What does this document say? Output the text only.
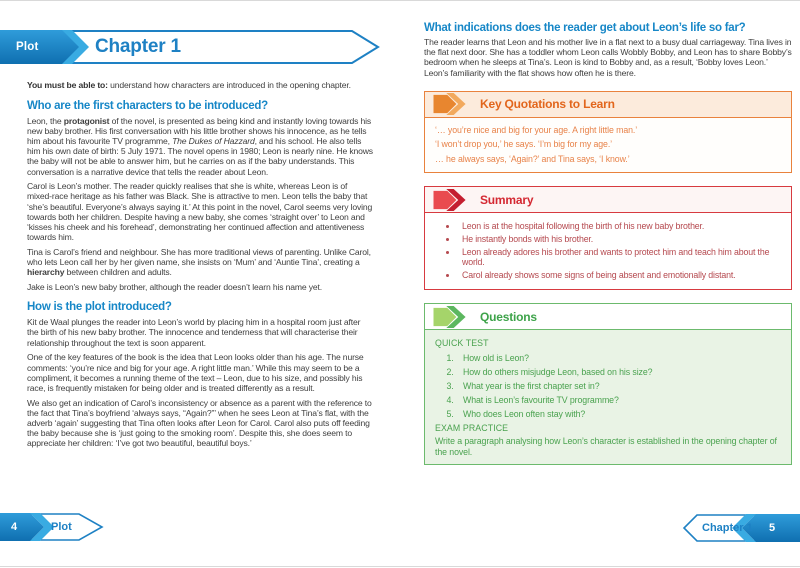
Plot	Chapter 1

You must be able to: understand how characters are introduced in the opening chapter.

Who are the first characters to be introduced?

Leon, the protagonist of the novel, is presented as being kind and instantly loving towards his new baby brother. His first conversation with his little brother shows his innocence, as he tells him about his favourite TV programme, The Dukes of Hazzard, and his school. He also tells him his own date of birth: 5 July 1971. The novel opens in 1980; Leon is nearly nine. He knows the baby will not be able to answer him, but he carries on as if the baby understands. This conversation is a narrative device that tells the reader about Leon.

Carol is Leon’s mother. The reader quickly realises that she is white, whereas Leon is of mixed-race heritage as his father was Black. She is attractive to men. Leon tells the baby that ‘she’s beautiful. Everyone’s always saying it.’ At this point in the novel, Carol seems very loving towards both her children. Despite having a new baby, she comes ‘straight over’ to Leon and ‘kisses his cheek and his forehead’, demonstrating her continued affection and attentiveness towards him.

Tina is Carol’s friend and neighbour. She has more traditional views of parenting. Unlike Carol, who lets Leon call her by her given name, she insists on ‘Mum’ and ‘Auntie Tina’, creating a hierarchy between children and adults.

Jake is Leon’s new baby brother, although the reader doesn’t learn his name yet.

How is the plot introduced?

Kit de Waal plunges the reader into Leon’s world by placing him in a hospital room just after the birth of his new baby brother. The innocence and tenderness that will characterise their relationship throughout the text is soon apparent.

One of the key features of the book is the idea that Leon looks older than his age. The nurse comments: ‘you’re nice and big for your age. A right little man.’ While this may seem to be a compliment, it becomes a running theme of the text – Leon, due to his size, and possibly his race, is frequently mistaken for being older and is treated differently as a result.

We also get an indication of Carol’s inconsistency or absence as a parent with the reference to the fact that Tina’s boyfriend ‘always says, “Again?”’ when he sees Leon at Tina’s flat, with the adverb ‘again’ suggesting that Tina often looks after Leon for Carol. Carol also puts off feeding the baby because she is ‘just going to the smoking room’. Despite this, she does seem to appreciate her children: ‘I’ve got two beautiful, beautiful boys.’

What indications does the reader get about Leon’s life so far?

The reader learns that Leon and his mother live in a flat next to a busy dual carriageway. Tina lives in the flat next door. She has a toddler whom Leon calls Wobbly Bobby, and Leon has to share Bobby’s bedroom when he sleeps at Tina’s. Leon is kind to Bobby and, as a result, ‘Bobby loves Leon.’ Leon’s familiarity with the flat shows how often he is there.

Key Quotations to Learn
‘… you’re nice and big for your age. A right little man.’
‘I won’t drop you,’ he says. ‘I’m big for my age.’
… he always says, ‘Again?’ and Tina says, ‘I know.’
Summary
• Leon is at the hospital following the birth of his new baby brother.
• He instantly bonds with his brother.
• Leon already adores his brother and wants to protect him and teach him about the world.
• Carol already shows some signs of being absent and emotionally distant.
Questions
QUICK TEST
1. How old is Leon?
2. How do others misjudge Leon, based on his size?
3. What year is the first chapter set in?
4. What is Leon’s favourite TV programme?
5. Who does Leon often stay with?
EXAM PRACTICE

Write a paragraph analysing how Leon’s character is established in the opening chapter of the novel.

4	Plot	Chapter 1 5
